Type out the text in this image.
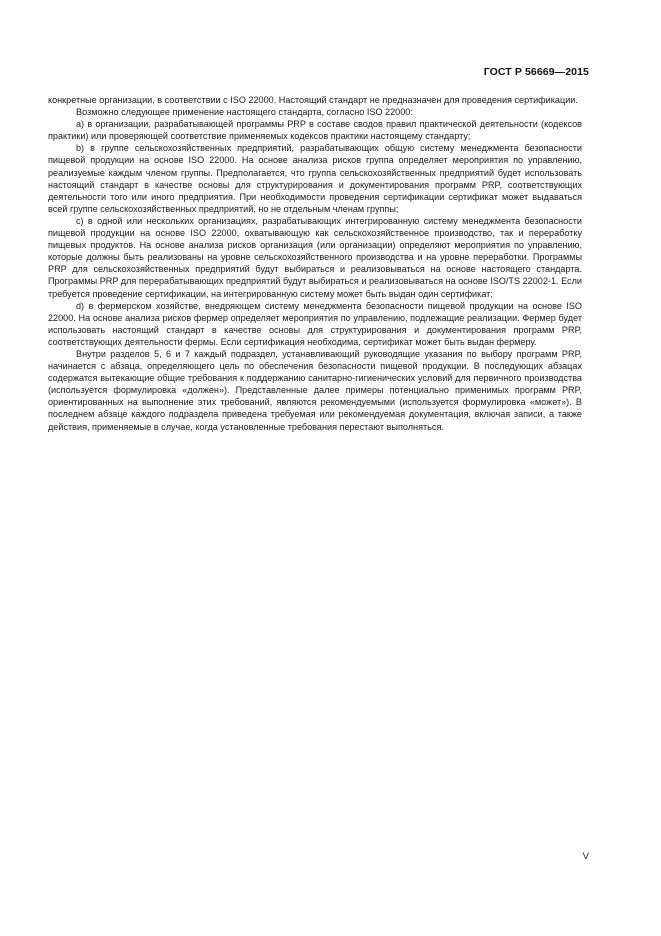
ГОСТ Р 56669—2015

конкретные организации, в соответствии с ISO 22000. Настоящий стандарт не предназначен для проведения сертификации.

Возможно следующее применение настоящего стандарта, согласно ISO 22000:

а) в организации, разрабатывающей программы PRP в составе сводов правил практической деятельности (кодексов практики) или проверяющей соответствие применяемых кодексов практики настоящему стандарту;

b) в группе сельскохозяйственных предприятий, разрабатывающих общую систему менеджмента безопасности пищевой продукции на основе ISO 22000. На основе анализа рисков группа определяет мероприятия по управлению, реализуемые каждым членом группы. Предполагается, что группа сельскохозяйственных предприятий будет использовать настоящий стандарт в качестве основы для структурирования и документирования программ PRP, соответствующих деятельности того или иного предприятия. При необходимости проведения сертификации сертификат может выдаваться всей группе сельскохозяйственных предприятий, но не отдельным членам группы;

с) в одной или нескольких организациях, разрабатывающих интегрированную систему менеджмента безопасности пищевой продукции на основе ISO 22000, охватывающую как сельскохозяйственное производство, так и переработку пищевых продуктов. На основе анализа рисков организация (или организации) определяют мероприятия по управлению, которые должны быть реализованы на уровне сельскохозяйственного производства и на уровне переработки. Программы PRP для сельскохозяйственных предприятий будут выбираться и реализовываться на основе настоящего стандарта. Программы PRP для перерабатывающих предприятий будут выбираться и реализовываться на основе ISO/TS 22002-1. Если требуется проведение сертификации, на интегрированную систему может быть выдан один сертификат;

d) в фермерском хозяйстве, внедряющем систему менеджмента безопасности пищевой продукции на основе ISO 22000. На основе анализа рисков фермер определяет мероприятия по управлению, подлежащие реализации. Фермер будет использовать настоящий стандарт в качестве основы для структурирования и документирования программ PRP, соответствующих деятельности фермы. Если сертификация необходима, сертификат может быть выдан фермеру.

Внутри разделов 5, 6 и 7 каждый подраздел, устанавливающий руководящие указания по выбору программ PRP, начинается с абзаца, определяющего цель по обеспечения безопасности пищевой продукции. В последующих абзацах содержатся вытекающие общие требования к поддержанию санитарно-гигиенических условий для первичного производства (используется формулировка «должен»). Представленные далее примеры потенциально применимых программ PRP, ориентированных на выполнение этих требований, являются рекомендуемыми (используется формулировка «может»). В последнем абзаце каждого подраздела приведена требуемая или рекомендуемая документация, включая записи, а также действия, применяемые в случае, когда установленные требования перестают выполняться.

V
